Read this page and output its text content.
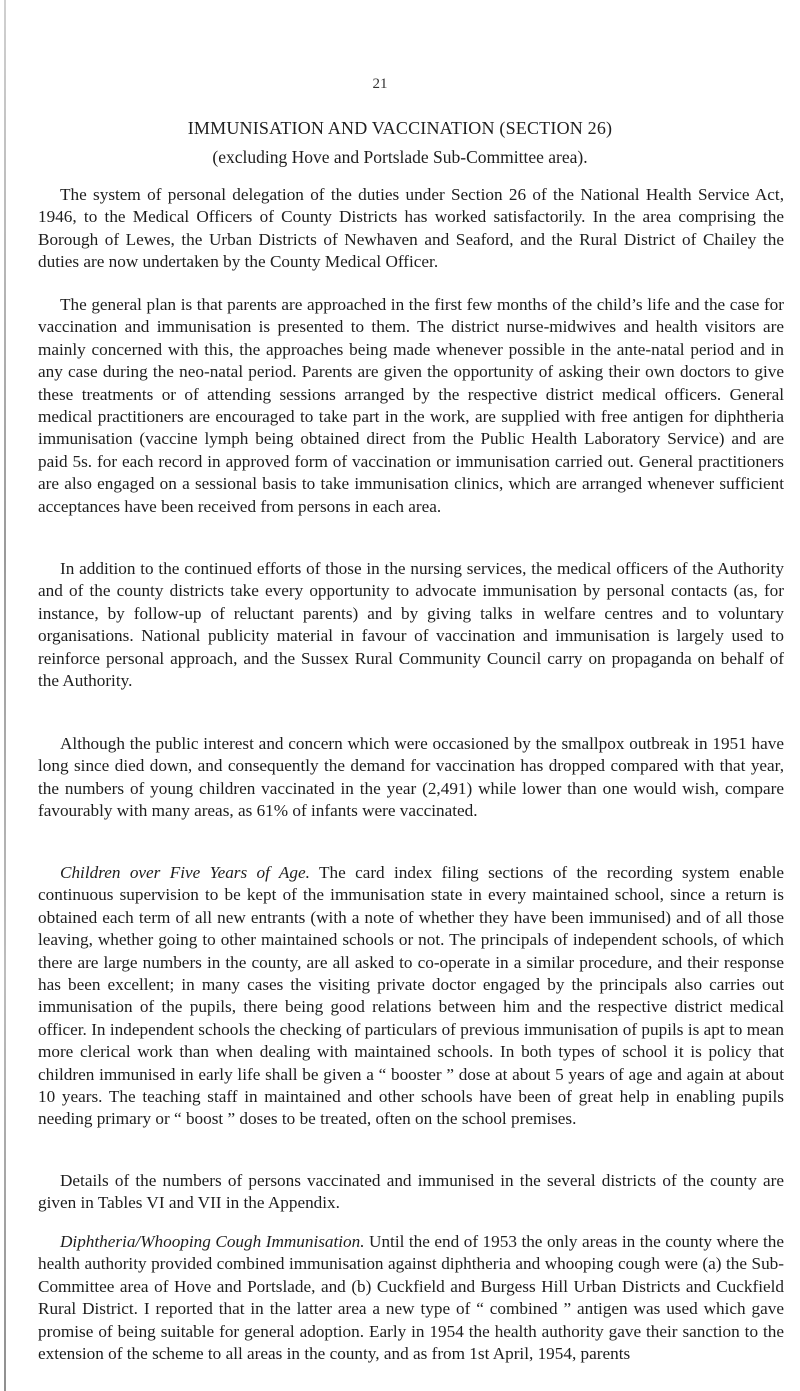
21
IMMUNISATION AND VACCINATION (SECTION 26)
(excluding Hove and Portslade Sub-Committee area).

The system of personal delegation of the duties under Section 26 of the National Health Service Act, 1946, to the Medical Officers of County Districts has worked satisfactorily. In the area comprising the Borough of Lewes, the Urban Districts of Newhaven and Seaford, and the Rural District of Chailey the duties are now undertaken by the County Medical Officer.

The general plan is that parents are approached in the first few months of the child’s life and the case for vaccination and immunisation is presented to them. The district nurse-midwives and health visitors are mainly concerned with this, the approaches being made whenever possible in the ante-natal period and in any case during the neo-natal period. Parents are given the opportunity of asking their own doctors to give these treatments or of attending sessions arranged by the respective district medical officers. General medical practitioners are encouraged to take part in the work, are supplied with free antigen for diphtheria immunisation (vaccine lymph being obtained direct from the Public Health Laboratory Service) and are paid 5s. for each record in approved form of vaccination or immunisation carried out. General practitioners are also engaged on a sessional basis to take immunisation clinics, which are arranged whenever sufficient acceptances have been received from persons in each area.

In addition to the continued efforts of those in the nursing services, the medical officers of the Authority and of the county districts take every opportunity to advocate immunisation by personal contacts (as, for instance, by follow-up of reluctant parents) and by giving talks in welfare centres and to voluntary organisations. National publicity material in favour of vaccination and immunisation is largely used to reinforce personal approach, and the Sussex Rural Community Council carry on propaganda on behalf of the Authority.

Although the public interest and concern which were occasioned by the smallpox outbreak in 1951 have long since died down, and consequently the demand for vaccination has dropped compared with that year, the numbers of young children vaccinated in the year (2,491) while lower than one would wish, compare favourably with many areas, as 61% of infants were vaccinated.

Children over Five Years of Age. The card index filing sections of the recording system enable continuous supervision to be kept of the immunisation state in every maintained school, since a return is obtained each term of all new entrants (with a note of whether they have been immunised) and of all those leaving, whether going to other maintained schools or not. The principals of independent schools, of which there are large numbers in the county, are all asked to co-operate in a similar procedure, and their response has been excellent; in many cases the visiting private doctor engaged by the principals also carries out immunisation of the pupils, there being good relations between him and the respective district medical officer. In independent schools the checking of particulars of previous immunisation of pupils is apt to mean more clerical work than when dealing with maintained schools. In both types of school it is policy that children immunised in early life shall be given a “ booster ” dose at about 5 years of age and again at about 10 years. The teaching staff in maintained and other schools have been of great help in enabling pupils needing primary or “ boost ” doses to be treated, often on the school premises.

Details of the numbers of persons vaccinated and immunised in the several districts of the county are given in Tables VI and VII in the Appendix.

Diphtheria/Whooping Cough Immunisation. Until the end of 1953 the only areas in the county where the health authority provided combined immunisation against diphtheria and whooping cough were (a) the Sub-Committee area of Hove and Portslade, and (b) Cuckfield and Burgess Hill Urban Districts and Cuckfield Rural District. I reported that in the latter area a new type of “ combined ” antigen was used which gave promise of being suitable for general adoption. Early in 1954 the health authority gave their sanction to the extension of the scheme to all areas in the county, and as from 1st April, 1954, parents
